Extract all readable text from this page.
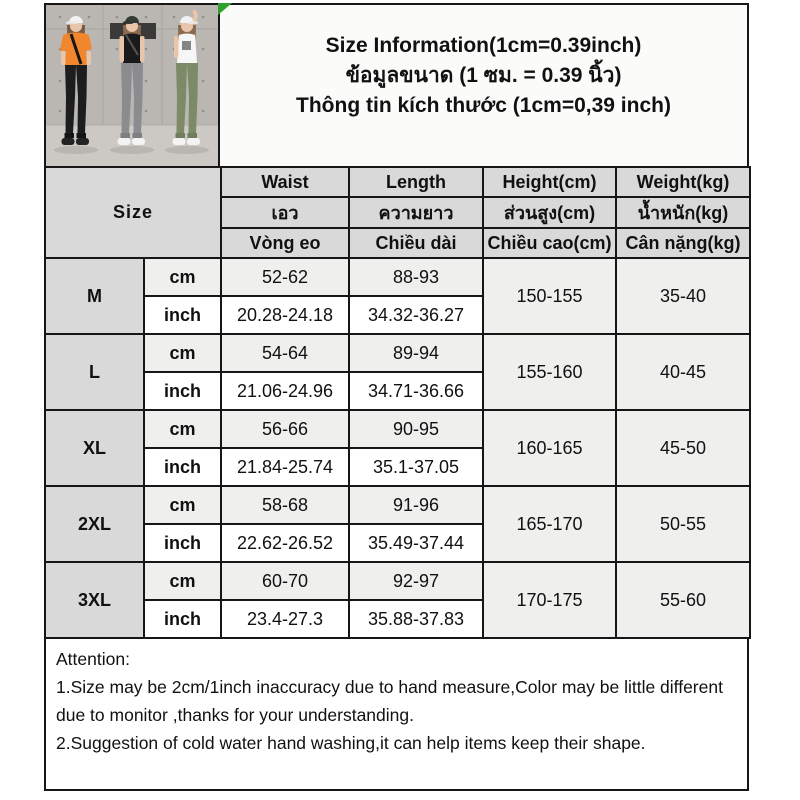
Size Information(1cm=0.39inch)
ข้อมูลขนาด (1 ซม. = 0.39 นิ้ว)
Thông tin kích thước (1cm=0,39 inch)
Size		Waist	Length	Height(cm)	Weight(kg)
		เอว	ความยาว	ส่วนสูง(cm)	น้ำหนัก(kg)
		Vòng eo	Chiều dài	Chiều cao(cm)	Cân nặng(kg)
M	cm	52-62	88-93	150-155	35-40
	inch	20.28-24.18	34.32-36.27		
L	cm	54-64	89-94	155-160	40-45
	inch	21.06-24.96	34.71-36.66		
XL	cm	56-66	90-95	160-165	45-50
	inch	21.84-25.74	35.1-37.05		
2XL	cm	58-68	91-96	165-170	50-55
	inch	22.62-26.52	35.49-37.44		
3XL	cm	60-70	92-97	170-175	55-60
	inch	23.4-27.3	35.88-37.83		

Attention:

1.Size may be 2cm/1inch inaccuracy due to hand measure,Color may be little different due to monitor ,thanks for your understanding.

2.Suggestion of cold water hand washing,it can help items keep their shape.
